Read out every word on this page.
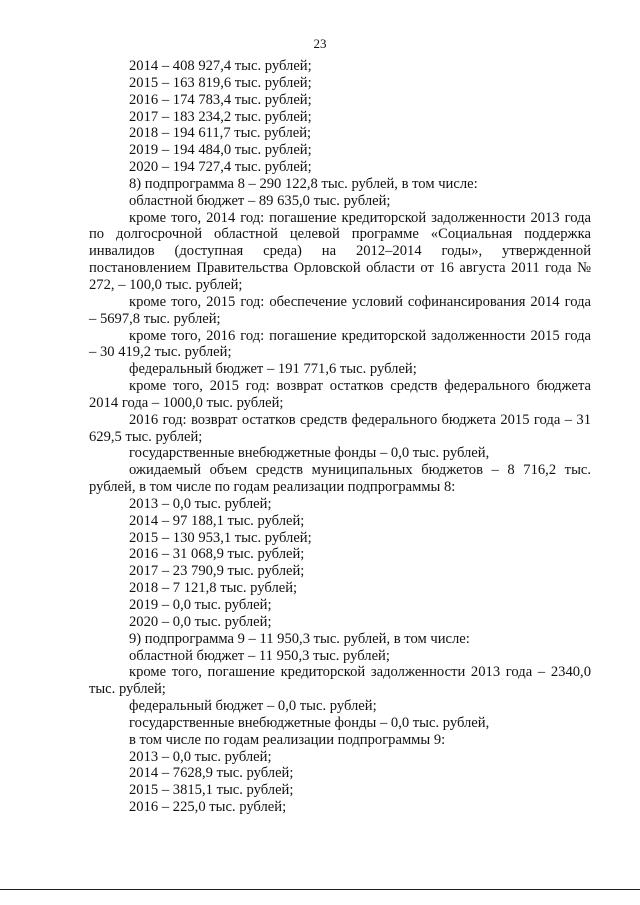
23

2014 – 408 927,4 тыс. рублей;

2015 – 163 819,6 тыс. рублей;

2016 – 174 783,4 тыс. рублей;

2017 – 183 234,2 тыс. рублей;

2018 – 194 611,7 тыс. рублей;

2019 – 194 484,0 тыс. рублей;

2020 – 194 727,4 тыс. рублей;

8) подпрограмма 8 – 290 122,8 тыс. рублей, в том числе:

областной бюджет – 89 635,0 тыс. рублей;

кроме того, 2014 год: погашение кредиторской задолженности 2013 года по долгосрочной областной целевой программе «Социальная поддержка инвалидов (доступная среда) на 2012–2014 годы», утвержденной постановлением Правительства Орловской области от 16 августа 2011 года № 272, – 100,0 тыс. рублей;

кроме того, 2015 год: обеспечение условий софинансирования 2014 года – 5697,8 тыс. рублей;

кроме того, 2016 год: погашение кредиторской задолженности 2015 года – 30 419,2 тыс. рублей;

федеральный бюджет – 191 771,6 тыс. рублей;

кроме того, 2015 год: возврат остатков средств федерального бюджета 2014 года – 1000,0 тыс. рублей;

2016 год: возврат остатков средств федерального бюджета 2015 года – 31 629,5 тыс. рублей;

государственные внебюджетные фонды – 0,0 тыс. рублей,

ожидаемый объем средств муниципальных бюджетов – 8 716,2 тыс. рублей, в том числе по годам реализации подпрограммы 8:

2013 – 0,0 тыс. рублей;

2014 – 97 188,1 тыс. рублей;

2015 – 130 953,1 тыс. рублей;

2016 – 31 068,9 тыс. рублей;

2017 – 23 790,9 тыс. рублей;

2018 – 7 121,8 тыс. рублей;

2019 – 0,0 тыс. рублей;

2020 – 0,0 тыс. рублей;

9) подпрограмма 9 – 11 950,3 тыс. рублей, в том числе:

областной бюджет – 11 950,3 тыс. рублей;

кроме того, погашение кредиторской задолженности 2013 года – 2340,0 тыс. рублей;

федеральный бюджет – 0,0 тыс. рублей;

государственные внебюджетные фонды – 0,0 тыс. рублей,

в том числе по годам реализации подпрограммы 9:

2013 – 0,0 тыс. рублей;

2014 – 7628,9 тыс. рублей;

2015 – 3815,1 тыс. рублей;

2016 – 225,0 тыс. рублей;
